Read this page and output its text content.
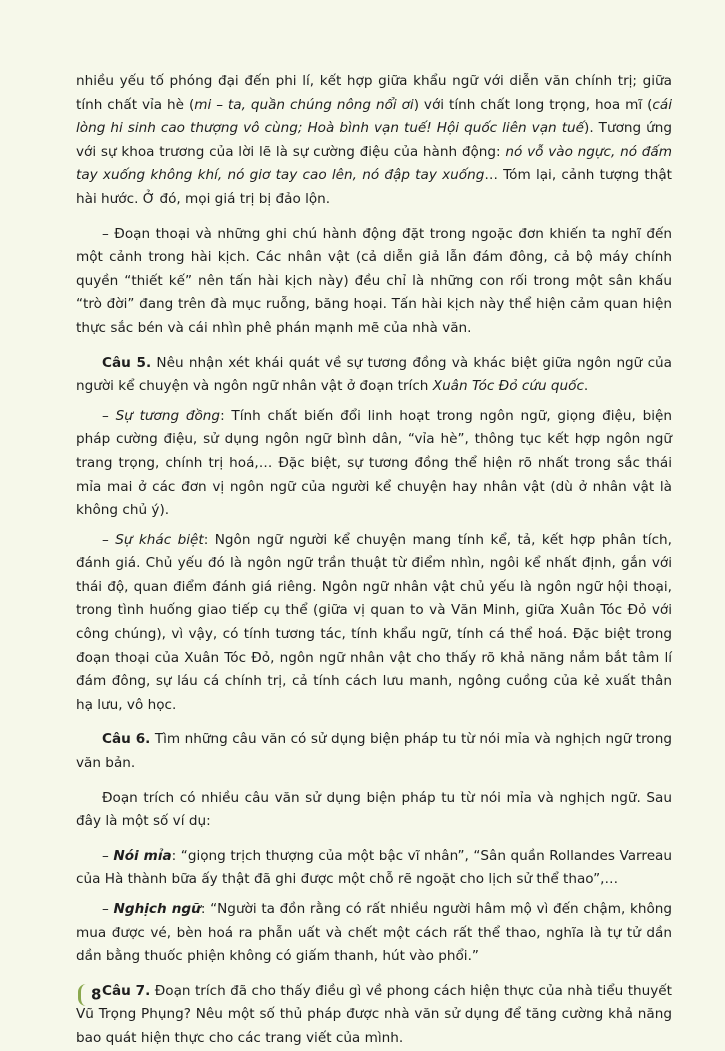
nhiều yếu tố phóng đại đến phi lí, kết hợp giữa khẩu ngữ với diễn văn chính trị; giữa tính chất vỉa hè (mi – ta, quần chúng nông nổi ơi) với tính chất long trọng, hoa mĩ (cái lòng hi sinh cao thượng vô cùng; Hoà bình vạn tuế! Hội quốc liên vạn tuế). Tương ứng với sự khoa trương của lời lẽ là sự cường điệu của hành động: nó vỗ vào ngực, nó đấm tay xuống không khí, nó giơ tay cao lên, nó đập tay xuống… Tóm lại, cảnh tượng thật hài hước. Ở đó, mọi giá trị bị đảo lộn.

– Đoạn thoại và những ghi chú hành động đặt trong ngoặc đơn khiến ta nghĩ đến một cảnh trong hài kịch. Các nhân vật (cả diễn giả lẫn đám đông, cả bộ máy chính quyền “thiết kế” nên tấn hài kịch này) đều chỉ là những con rối trong một sân khấu “trò đời” đang trên đà mục ruỗng, băng hoại. Tấn hài kịch này thể hiện cảm quan hiện thực sắc bén và cái nhìn phê phán mạnh mẽ của nhà văn.

Câu 5. Nêu nhận xét khái quát về sự tương đồng và khác biệt giữa ngôn ngữ của người kể chuyện và ngôn ngữ nhân vật ở đoạn trích Xuân Tóc Đỏ cứu quốc.

– Sự tương đồng: Tính chất biến đổi linh hoạt trong ngôn ngữ, giọng điệu, biện pháp cường điệu, sử dụng ngôn ngữ bình dân, “vỉa hè”, thông tục kết hợp ngôn ngữ trang trọng, chính trị hoá,… Đặc biệt, sự tương đồng thể hiện rõ nhất trong sắc thái mỉa mai ở các đơn vị ngôn ngữ của người kể chuyện hay nhân vật (dù ở nhân vật là không chủ ý).

– Sự khác biệt: Ngôn ngữ người kể chuyện mang tính kể, tả, kết hợp phân tích, đánh giá. Chủ yếu đó là ngôn ngữ trần thuật từ điểm nhìn, ngôi kể nhất định, gắn với thái độ, quan điểm đánh giá riêng. Ngôn ngữ nhân vật chủ yếu là ngôn ngữ hội thoại, trong tình huống giao tiếp cụ thể (giữa vị quan to và Văn Minh, giữa Xuân Tóc Đỏ với công chúng), vì vậy, có tính tương tác, tính khẩu ngữ, tính cá thể hoá. Đặc biệt trong đoạn thoại của Xuân Tóc Đỏ, ngôn ngữ nhân vật cho thấy rõ khả năng nắm bắt tâm lí đám đông, sự láu cá chính trị, cả tính cách lưu manh, ngông cuồng của kẻ xuất thân hạ lưu, vô học.

Câu 6. Tìm những câu văn có sử dụng biện pháp tu từ nói mỉa và nghịch ngữ trong văn bản.

Đoạn trích có nhiều câu văn sử dụng biện pháp tu từ nói mỉa và nghịch ngữ. Sau đây là một số ví dụ:

– Nói mỉa: “giọng trịch thượng của một bậc vĩ nhân”, “Sân quần Rollandes Varreau của Hà thành bữa ấy thật đã ghi được một chỗ rẽ ngoặt cho lịch sử thể thao”,…

– Nghịch ngữ: “Người ta đồn rằng có rất nhiều người hâm mộ vì đến chậm, không mua được vé, bèn hoá ra phẫn uất và chết một cách rất thể thao, nghĩa là tự tử dần dần bằng thuốc phiện không có giấm thanh, hút vào phổi.”

Câu 7. Đoạn trích đã cho thấy điều gì về phong cách hiện thực của nhà tiểu thuyết Vũ Trọng Phụng? Nêu một số thủ pháp được nhà văn sử dụng để tăng cường khả năng bao quát hiện thực cho các trang viết của mình.

8
